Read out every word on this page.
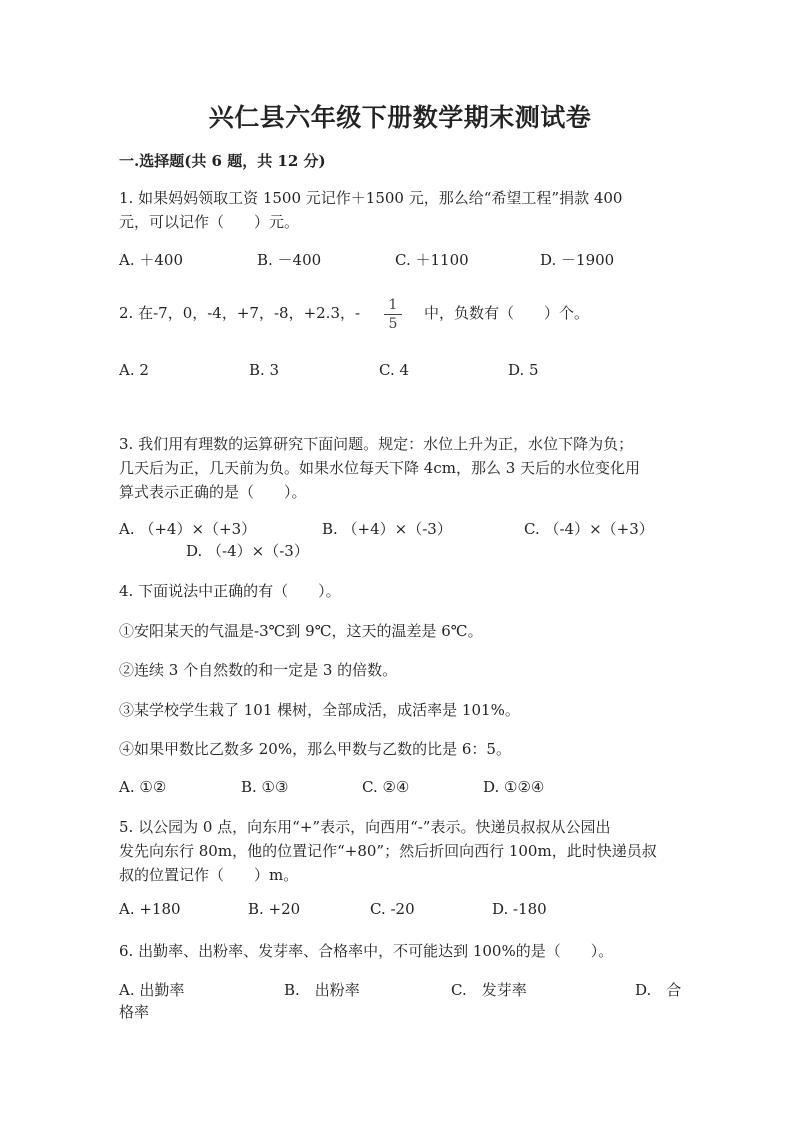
兴仁县六年级下册数学期末测试卷
一.选择题(共 6 题，共 12 分)
1. 如果妈妈领取工资 1500 元记作＋1500 元，那么给“希望工程”捐款 400
元，可以记作（　　）元。
A. ＋400	B. －400	C. ＋1100	D. －1900
2. 在-7，0，-4，+7，-8，+2.3，-	1
5
中，负数有（　　）个。
A. 2	B. 3	C. 4	D. 5
3. 我们用有理数的运算研究下面问题。规定：水位上升为正，水位下降为负；
几天后为正，几天前为负。如果水位每天下降 4cm，那么 3 天后的水位变化用
算式表示正确的是（　　）。
A. （+4）×（+3）	B. （+4）×（-3）	C. （-4）×（+3）
D. （-4）×（-3）
4. 下面说法中正确的有（　　）。
①安阳某天的气温是-3℃到 9℃，这天的温差是 6℃。
②连续 3 个自然数的和一定是 3 的倍数。
③某学校学生栽了 101 棵树，全部成活，成活率是 101%。
④如果甲数比乙数多 20%，那么甲数与乙数的比是 6：5。
A. ①②	B. ①③	C. ②④	D. ①②④
5. 以公园为 0 点，向东用“+”表示，向西用“-”表示。快递员叔叔从公园出
发先向东行 80m，他的位置记作“+80”；然后折回向西行 100m，此时快递员叔
叔的位置记作（　　）m。
A. +180	B. +20	C. -20	D. -180
6. 出勤率、出粉率、发芽率、合格率中，不可能达到 100%的是（　　）。
A. 出勤率	B.　出粉率	C.　发芽率	D.　合
格率
